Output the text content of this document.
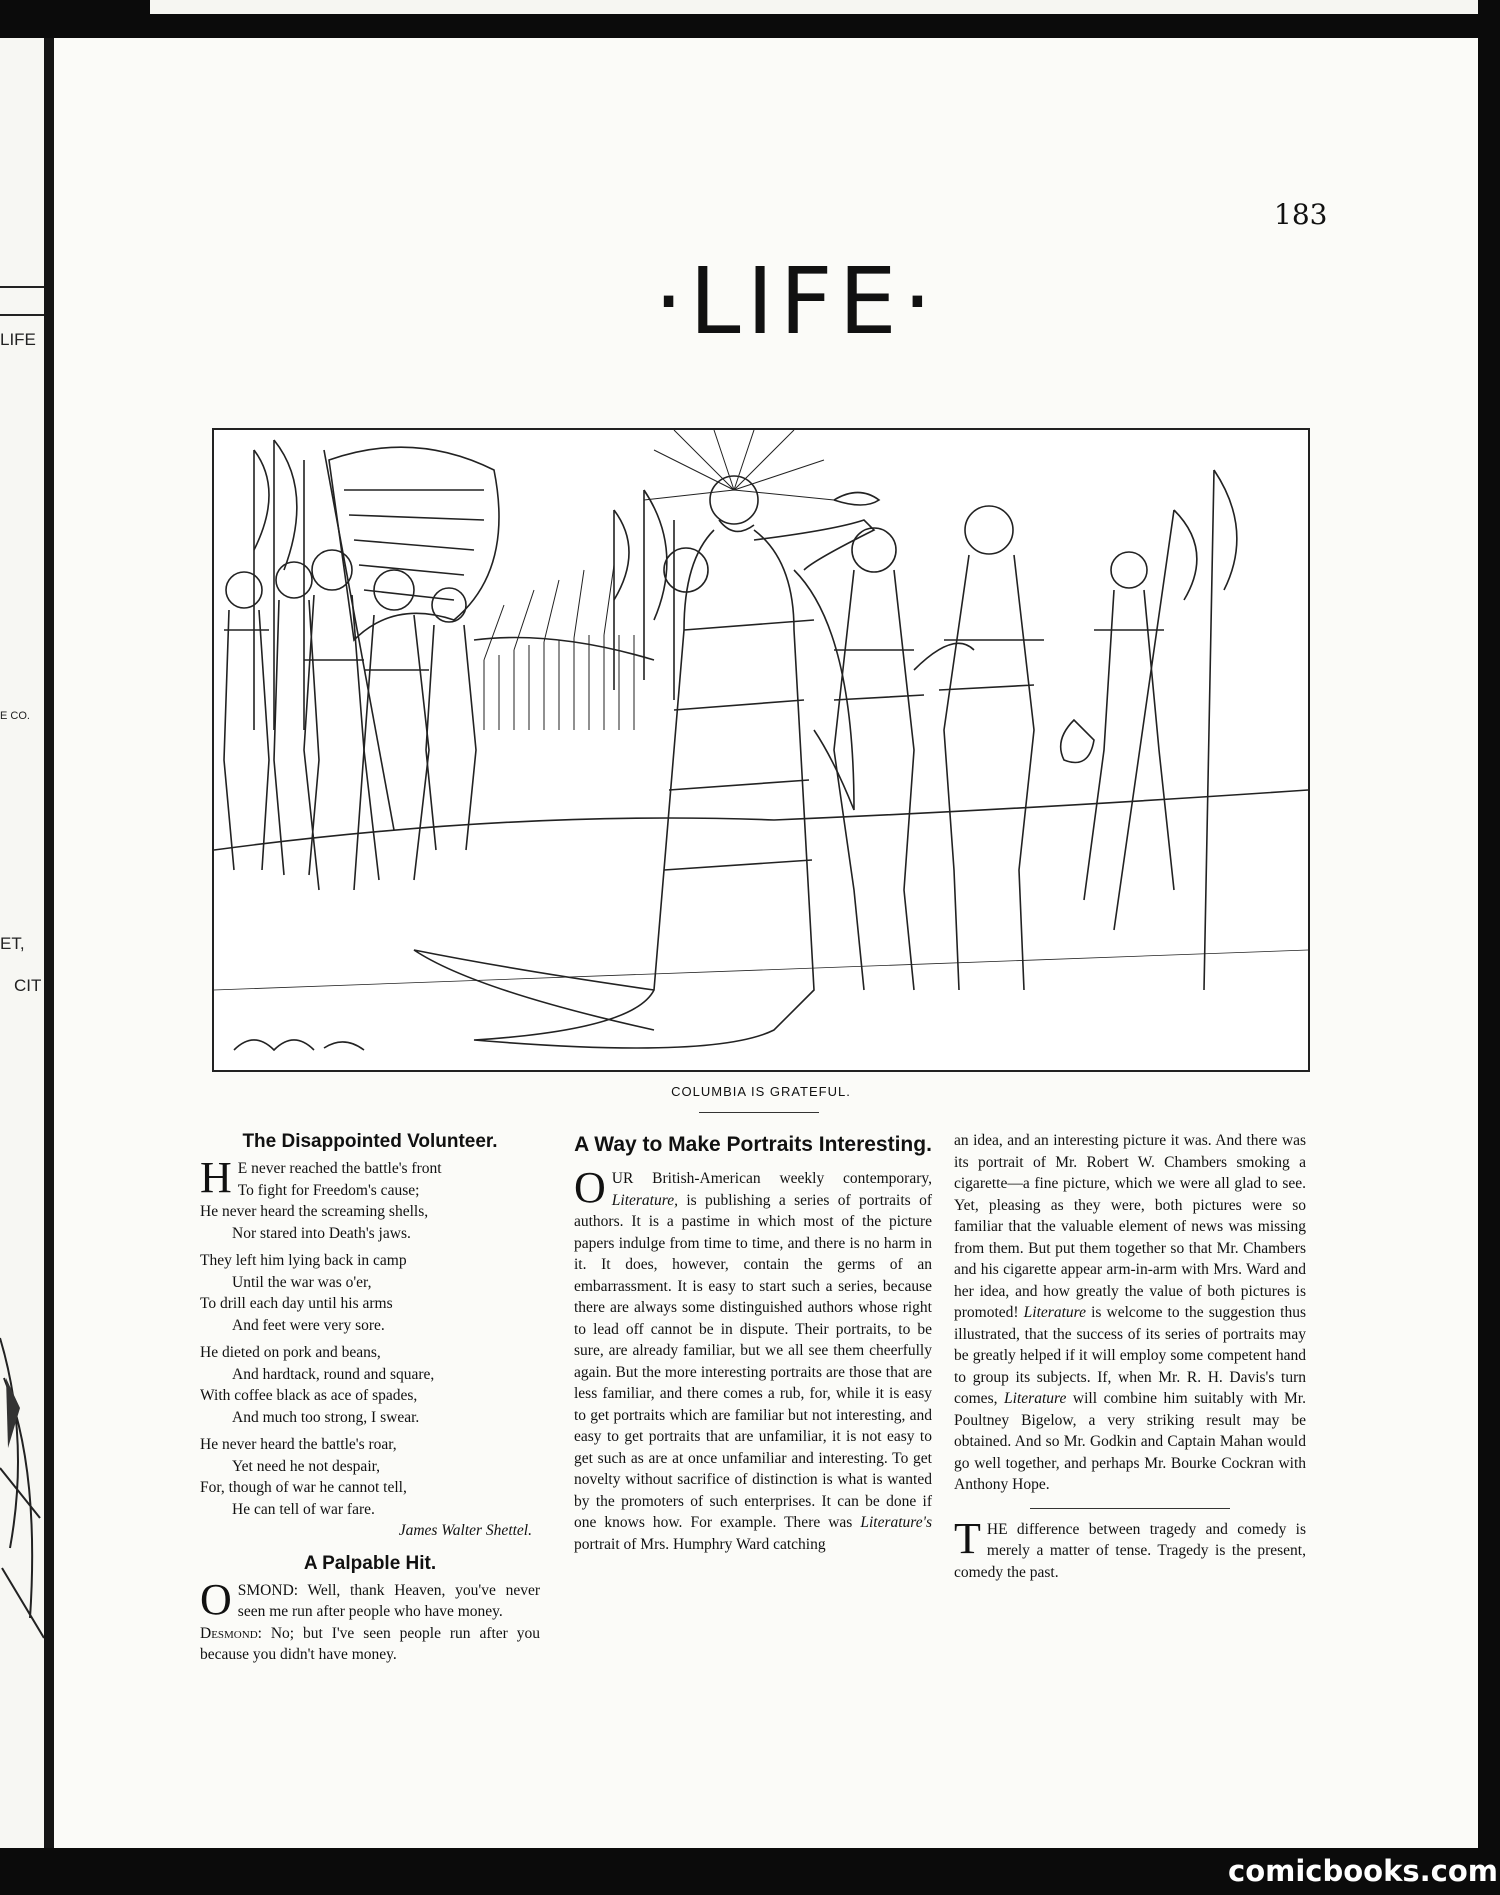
LIFE
E CO.
ET,
CIT
183
·LIFE·
COLUMBIA IS GRATEFUL.
The Disappointed Volunteer.
H E never reached the battle's front

To fight for Freedom's cause;

He never heard the screaming shells,

Nor stared into Death's jaws.

They left him lying back in camp

Until the war was o'er,

To drill each day until his arms

And feet were very sore.

He dieted on pork and beans,

And hardtack, round and square,

With coffee black as ace of spades,

And much too strong, I swear.

He never heard the battle's roar,

Yet need he not despair,

For, though of war he cannot tell,

He can tell of war fare.

James Walter Shettel.

A Palpable Hit.

OSMOND: Well, thank Heaven, you've never seen me run after people who have money.

Desmond: No; but I've seen people run after you because you didn't have money.

A Way to Make Portraits Interesting.

OUR British-American weekly contemporary, Literature, is publishing a series of portraits of authors. It is a pastime in which most of the picture papers indulge from time to time, and there is no harm in it. It does, however, contain the germs of an embarrassment. It is easy to start such a series, because there are always some distinguished authors whose right to lead off cannot be in dispute. Their portraits, to be sure, are already familiar, but we all see them cheerfully again. But the more interesting portraits are those that are less familiar, and there comes a rub, for, while it is easy to get portraits which are familiar but not interesting, and easy to get portraits that are unfamiliar, it is not easy to get such as are at once unfamiliar and interesting. To get novelty without sacrifice of distinction is what is wanted by the promoters of such enterprises. It can be done if one knows how. For example. There was Literature's portrait of Mrs. Humphry Ward catching

an idea, and an interesting picture it was. And there was its portrait of Mr. Robert W. Chambers smoking a cigarette—a fine picture, which we were all glad to see. Yet, pleasing as they were, both pictures were so familiar that the valuable element of news was missing from them. But put them together so that Mr. Chambers and his cigarette appear arm-in-arm with Mrs. Ward and her idea, and how greatly the value of both pictures is promoted! Literature is welcome to the suggestion thus illustrated, that the success of its series of portraits may be greatly helped if it will employ some competent hand to group its subjects. If, when Mr. R. H. Davis's turn comes, Literature will combine him suitably with Mr. Poultney Bigelow, a very striking result may be obtained. And so Mr. Godkin and Captain Mahan would go well together, and perhaps Mr. Bourke Cockran with Anthony Hope.

THE difference between tragedy and comedy is merely a matter of tense. Tragedy is the present, comedy the past.

comicbooks.com
